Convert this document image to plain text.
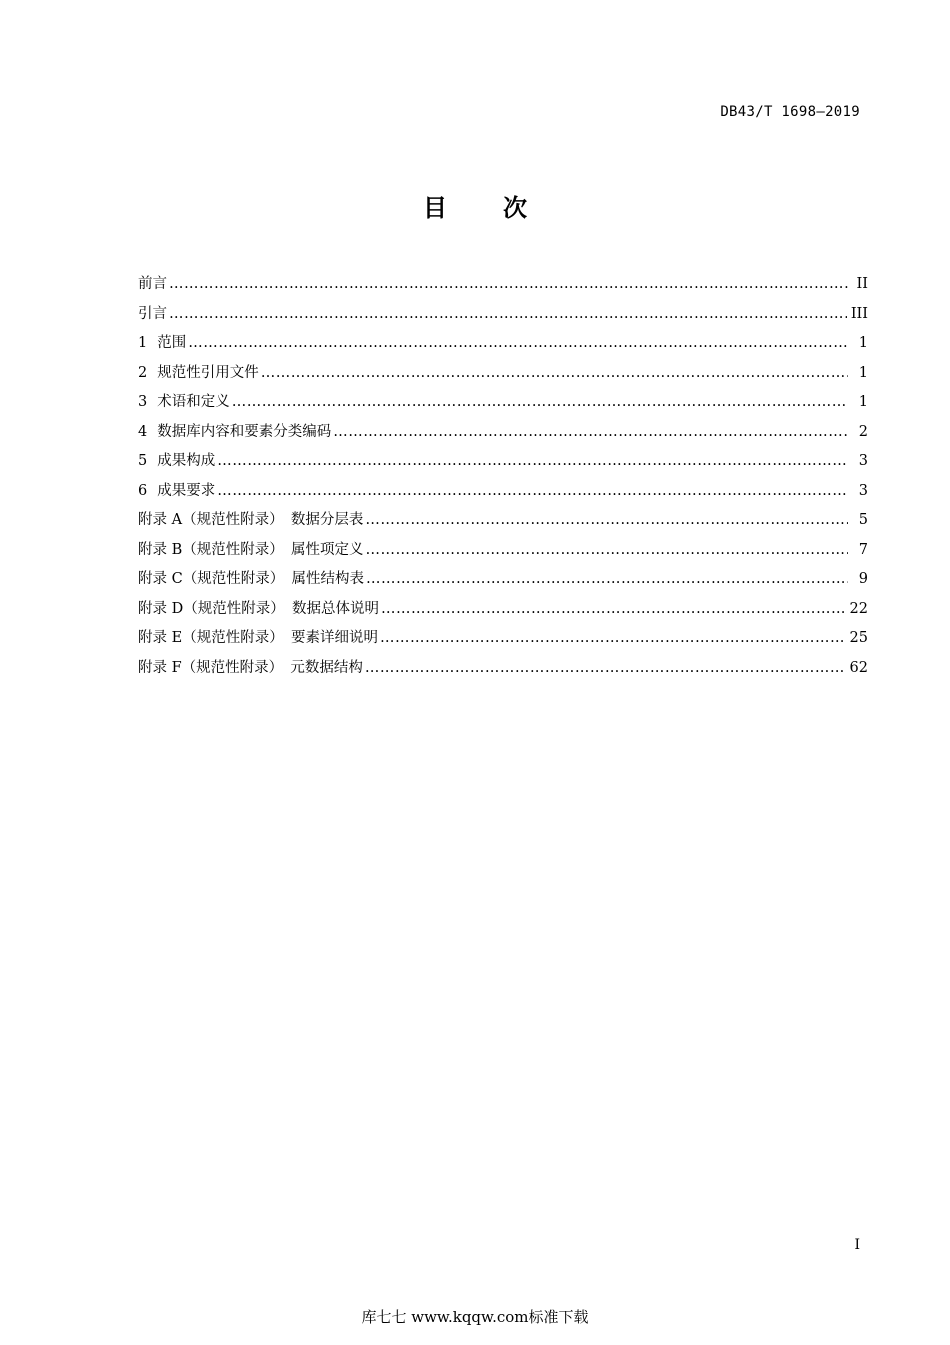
DB43/T 1698—2019
目次
前言 ……………………………………………………………………………………………………………………………………………………………………………………………………………………………………………………………………………………	II
引言 ……………………………………………………………………………………………………………………………………………………………………………………………………………………………………………………………………………………	III
1 范围 ……………………………………………………………………………………………………………………………………………………………………………………………………………………………………………………………………………………	1
2 规范性引用文件 ……………………………………………………………………………………………………………………………………………………………………………………………………………………………………………………………………………………	1
3 术语和定义 ……………………………………………………………………………………………………………………………………………………………………………………………………………………………………………………………………………………	1
4 数据库内容和要素分类编码 ……………………………………………………………………………………………………………………………………………………………………………………………………………………………………………………………………………………	2
5 成果构成 ……………………………………………………………………………………………………………………………………………………………………………………………………………………………………………………………………………………	3
6 成果要求 ……………………………………………………………………………………………………………………………………………………………………………………………………………………………………………………………………………………	3
附录 A（规范性附录）　数据分层表 ……………………………………………………………………………………………………………………………………………………………………………………………………………………………………………………………………………………	5
附录 B（规范性附录）　属性项定义 ……………………………………………………………………………………………………………………………………………………………………………………………………………………………………………………………………………………	7
附录 C（规范性附录）　属性结构表 ……………………………………………………………………………………………………………………………………………………………………………………………………………………………………………………………………………………	9
附录 D（规范性附录）　数据总体说明 ……………………………………………………………………………………………………………………………………………………………………………………………………………………………………………………………………………………	22
附录 E（规范性附录）　要素详细说明 ……………………………………………………………………………………………………………………………………………………………………………………………………………………………………………………………………………………	25
附录 F（规范性附录）　元数据结构 ……………………………………………………………………………………………………………………………………………………………………………………………………………………………………………………………………………………	62
I
库七七 www.kqqw.com标准下载
